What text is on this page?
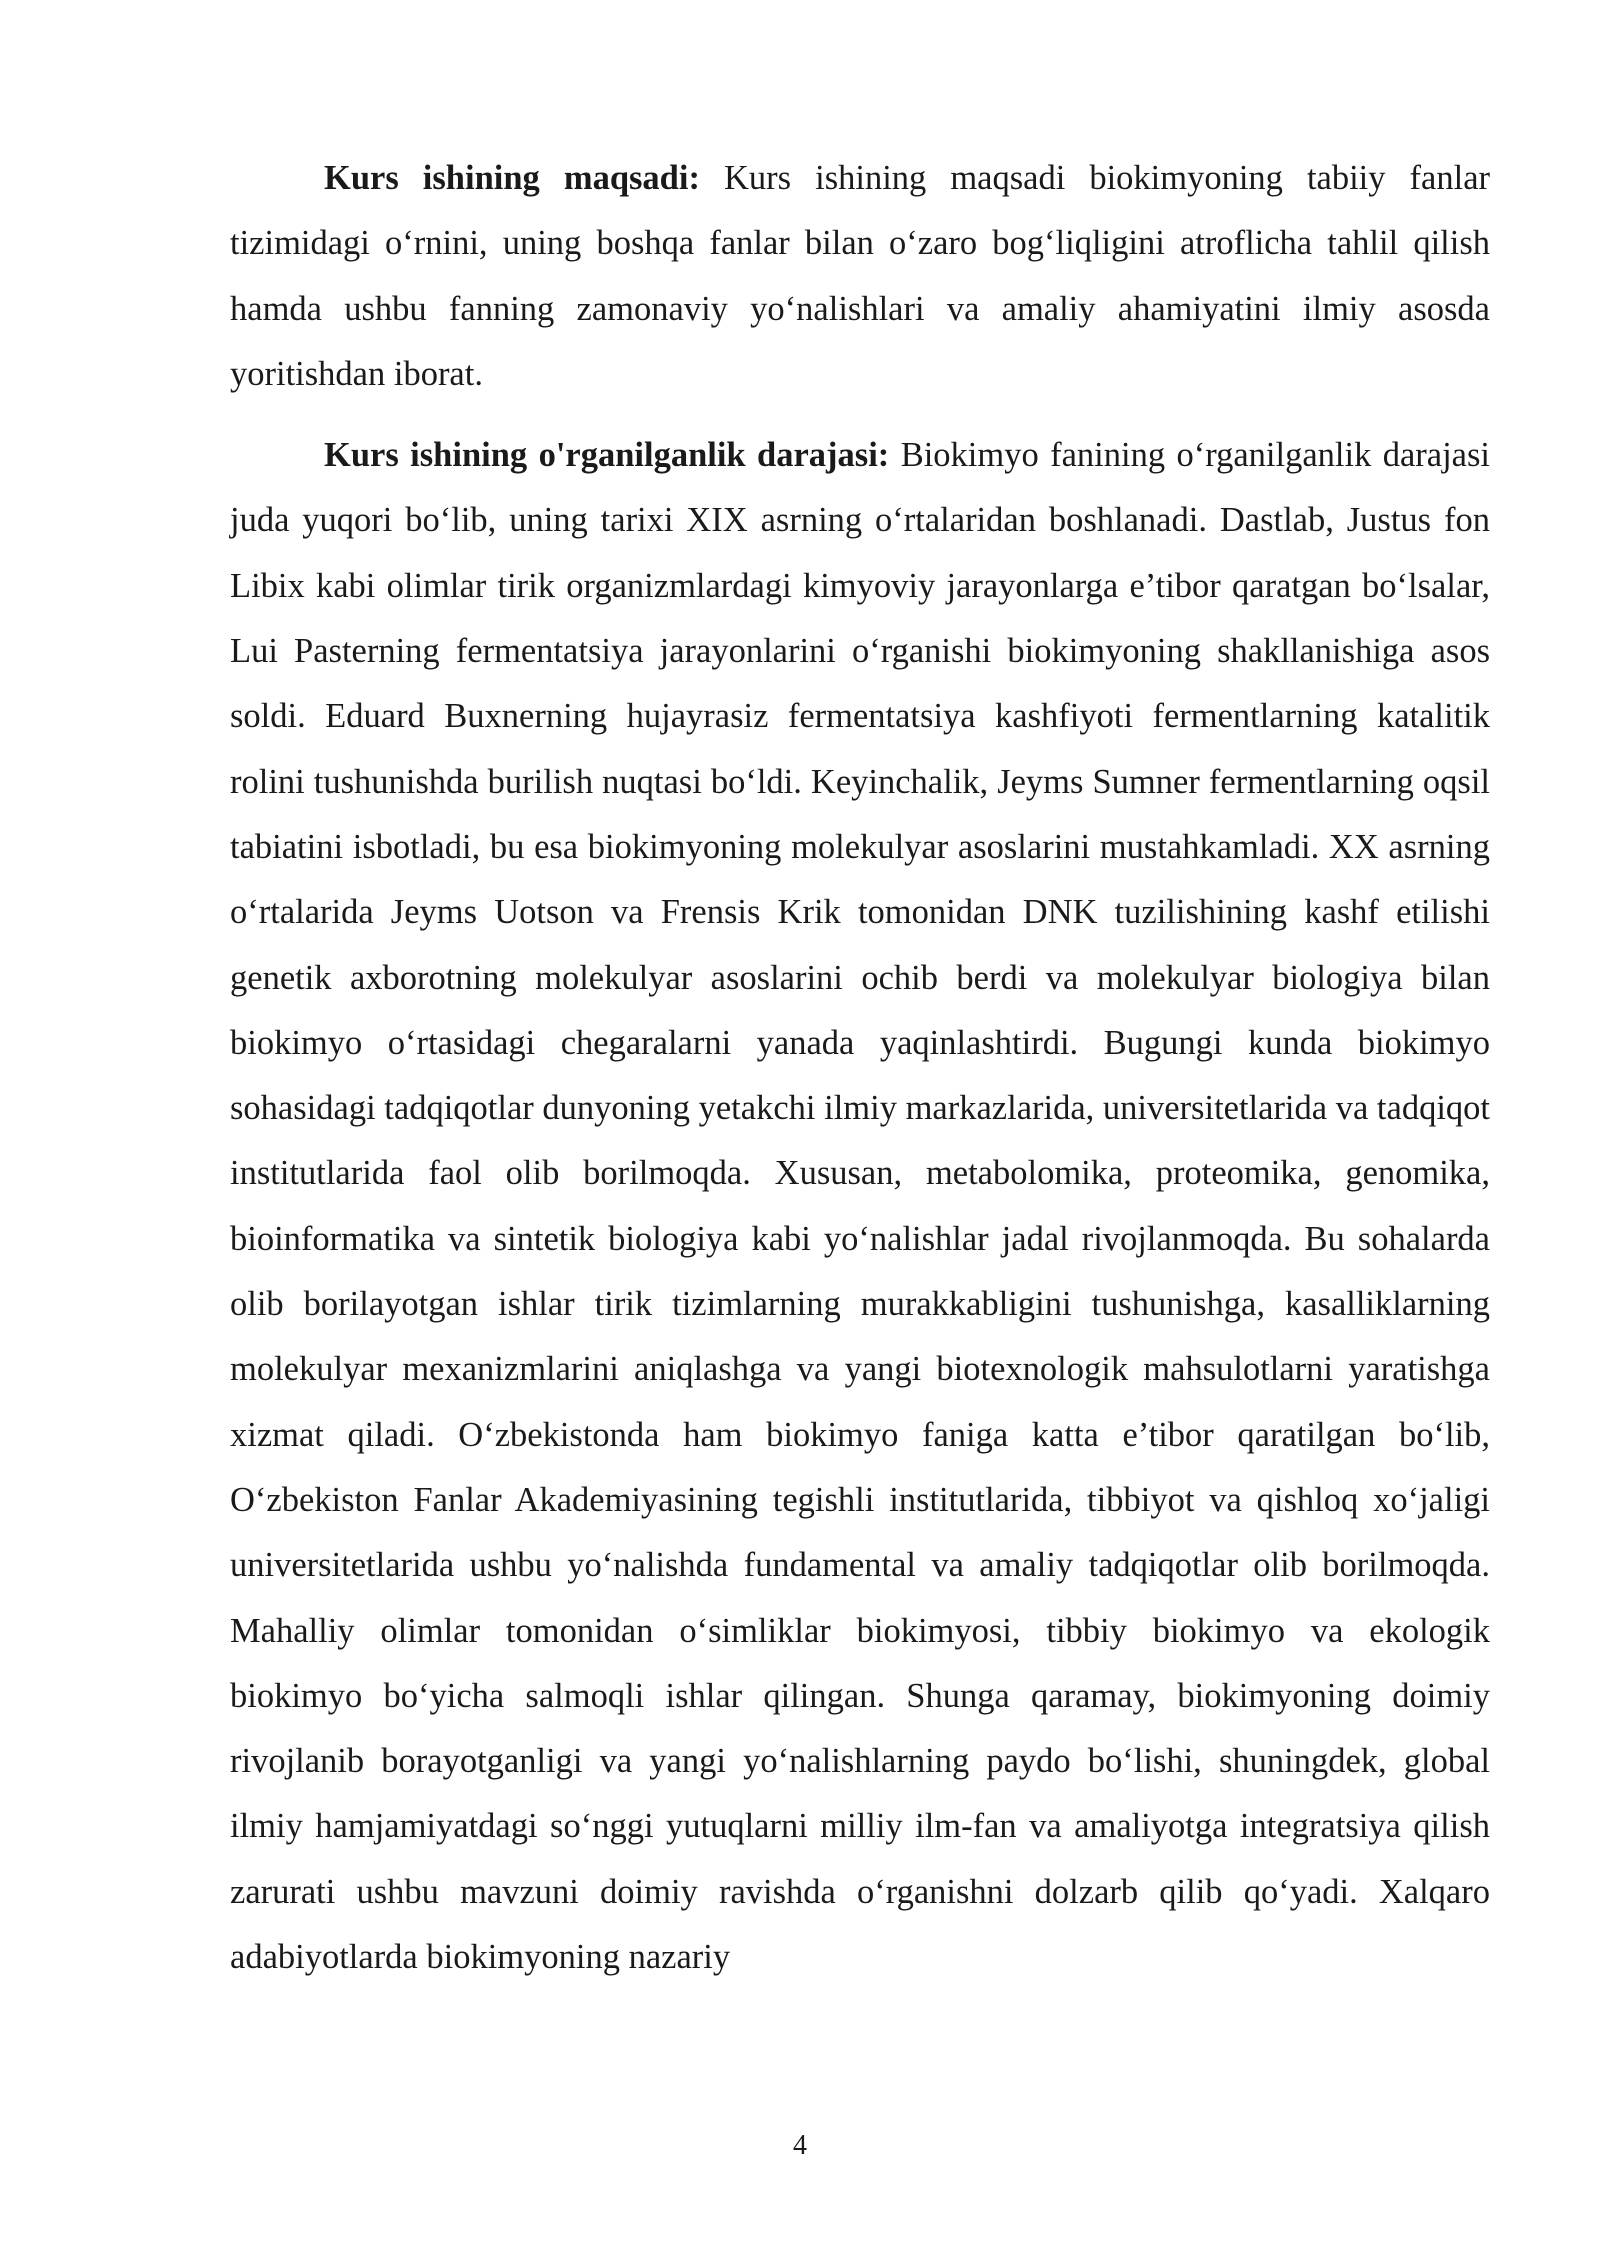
Kurs ishining maqsadi: Kurs ishining maqsadi biokimyoning tabiiy fanlar tizimidagi o‘rnini, uning boshqa fanlar bilan o‘zaro bog‘liqligini atroflicha tahlil qilish hamda ushbu fanning zamonaviy yo‘nalishlari va amaliy ahamiyatini ilmiy asosda yoritishdan iborat.

Kurs ishining o'rganilganlik darajasi: Biokimyo fanining o‘rganilganlik darajasi juda yuqori bo‘lib, uning tarixi XIX asrning o‘rtalaridan boshlanadi. Dastlab, Justus fon Libix kabi olimlar tirik organizmlardagi kimyoviy jarayonlarga e’tibor qaratgan bo‘lsalar, Lui Pasterning fermentatsiya jarayonlarini o‘rganishi biokimyoning shakllanishiga asos soldi. Eduard Buxnerning hujayrasiz fermentatsiya kashfiyoti fermentlarning katalitik rolini tushunishda burilish nuqtasi bo‘ldi. Keyinchalik, Jeyms Sumner fermentlarning oqsil tabiatini isbotladi, bu esa biokimyoning molekulyar asoslarini mustahkamladi. XX asrning o‘rtalarida Jeyms Uotson va Frensis Krik tomonidan DNK tuzilishining kashf etilishi genetik axborotning molekulyar asoslarini ochib berdi va molekulyar biologiya bilan biokimyo o‘rtasidagi chegaralarni yanada yaqinlashtirdi. Bugungi kunda biokimyo sohasidagi tadqiqotlar dunyoning yetakchi ilmiy markazlarida, universitetlarida va tadqiqot institutlarida faol olib borilmoqda. Xususan, metabolomika, proteomika, genomika, bioinformatika va sintetik biologiya kabi yo‘nalishlar jadal rivojlanmoqda. Bu sohalarda olib borilayotgan ishlar tirik tizimlarning murakkabligini tushunishga, kasalliklarning molekulyar mexanizmlarini aniqlashga va yangi biotexnologik mahsulotlarni yaratishga xizmat qiladi. O‘zbekistonda ham biokimyo faniga katta e’tibor qaratilgan bo‘lib, O‘zbekiston Fanlar Akademiyasining tegishli institutlarida, tibbiyot va qishloq xo‘jaligi universitetlarida ushbu yo‘nalishda fundamental va amaliy tadqiqotlar olib borilmoqda. Mahalliy olimlar tomonidan o‘simliklar biokimyosi, tibbiy biokimyo va ekologik biokimyo bo‘yicha salmoqli ishlar qilingan. Shunga qaramay, biokimyoning doimiy rivojlanib borayotganligi va yangi yo‘nalishlarning paydo bo‘lishi, shuningdek, global ilmiy hamjamiyatdagi so‘nggi yutuqlarni milliy ilm-fan va amaliyotga integratsiya qilish zarurati ushbu mavzuni doimiy ravishda o‘rganishni dolzarb qilib qo‘yadi. Xalqaro adabiyotlarda biokimyoning nazariy

4
